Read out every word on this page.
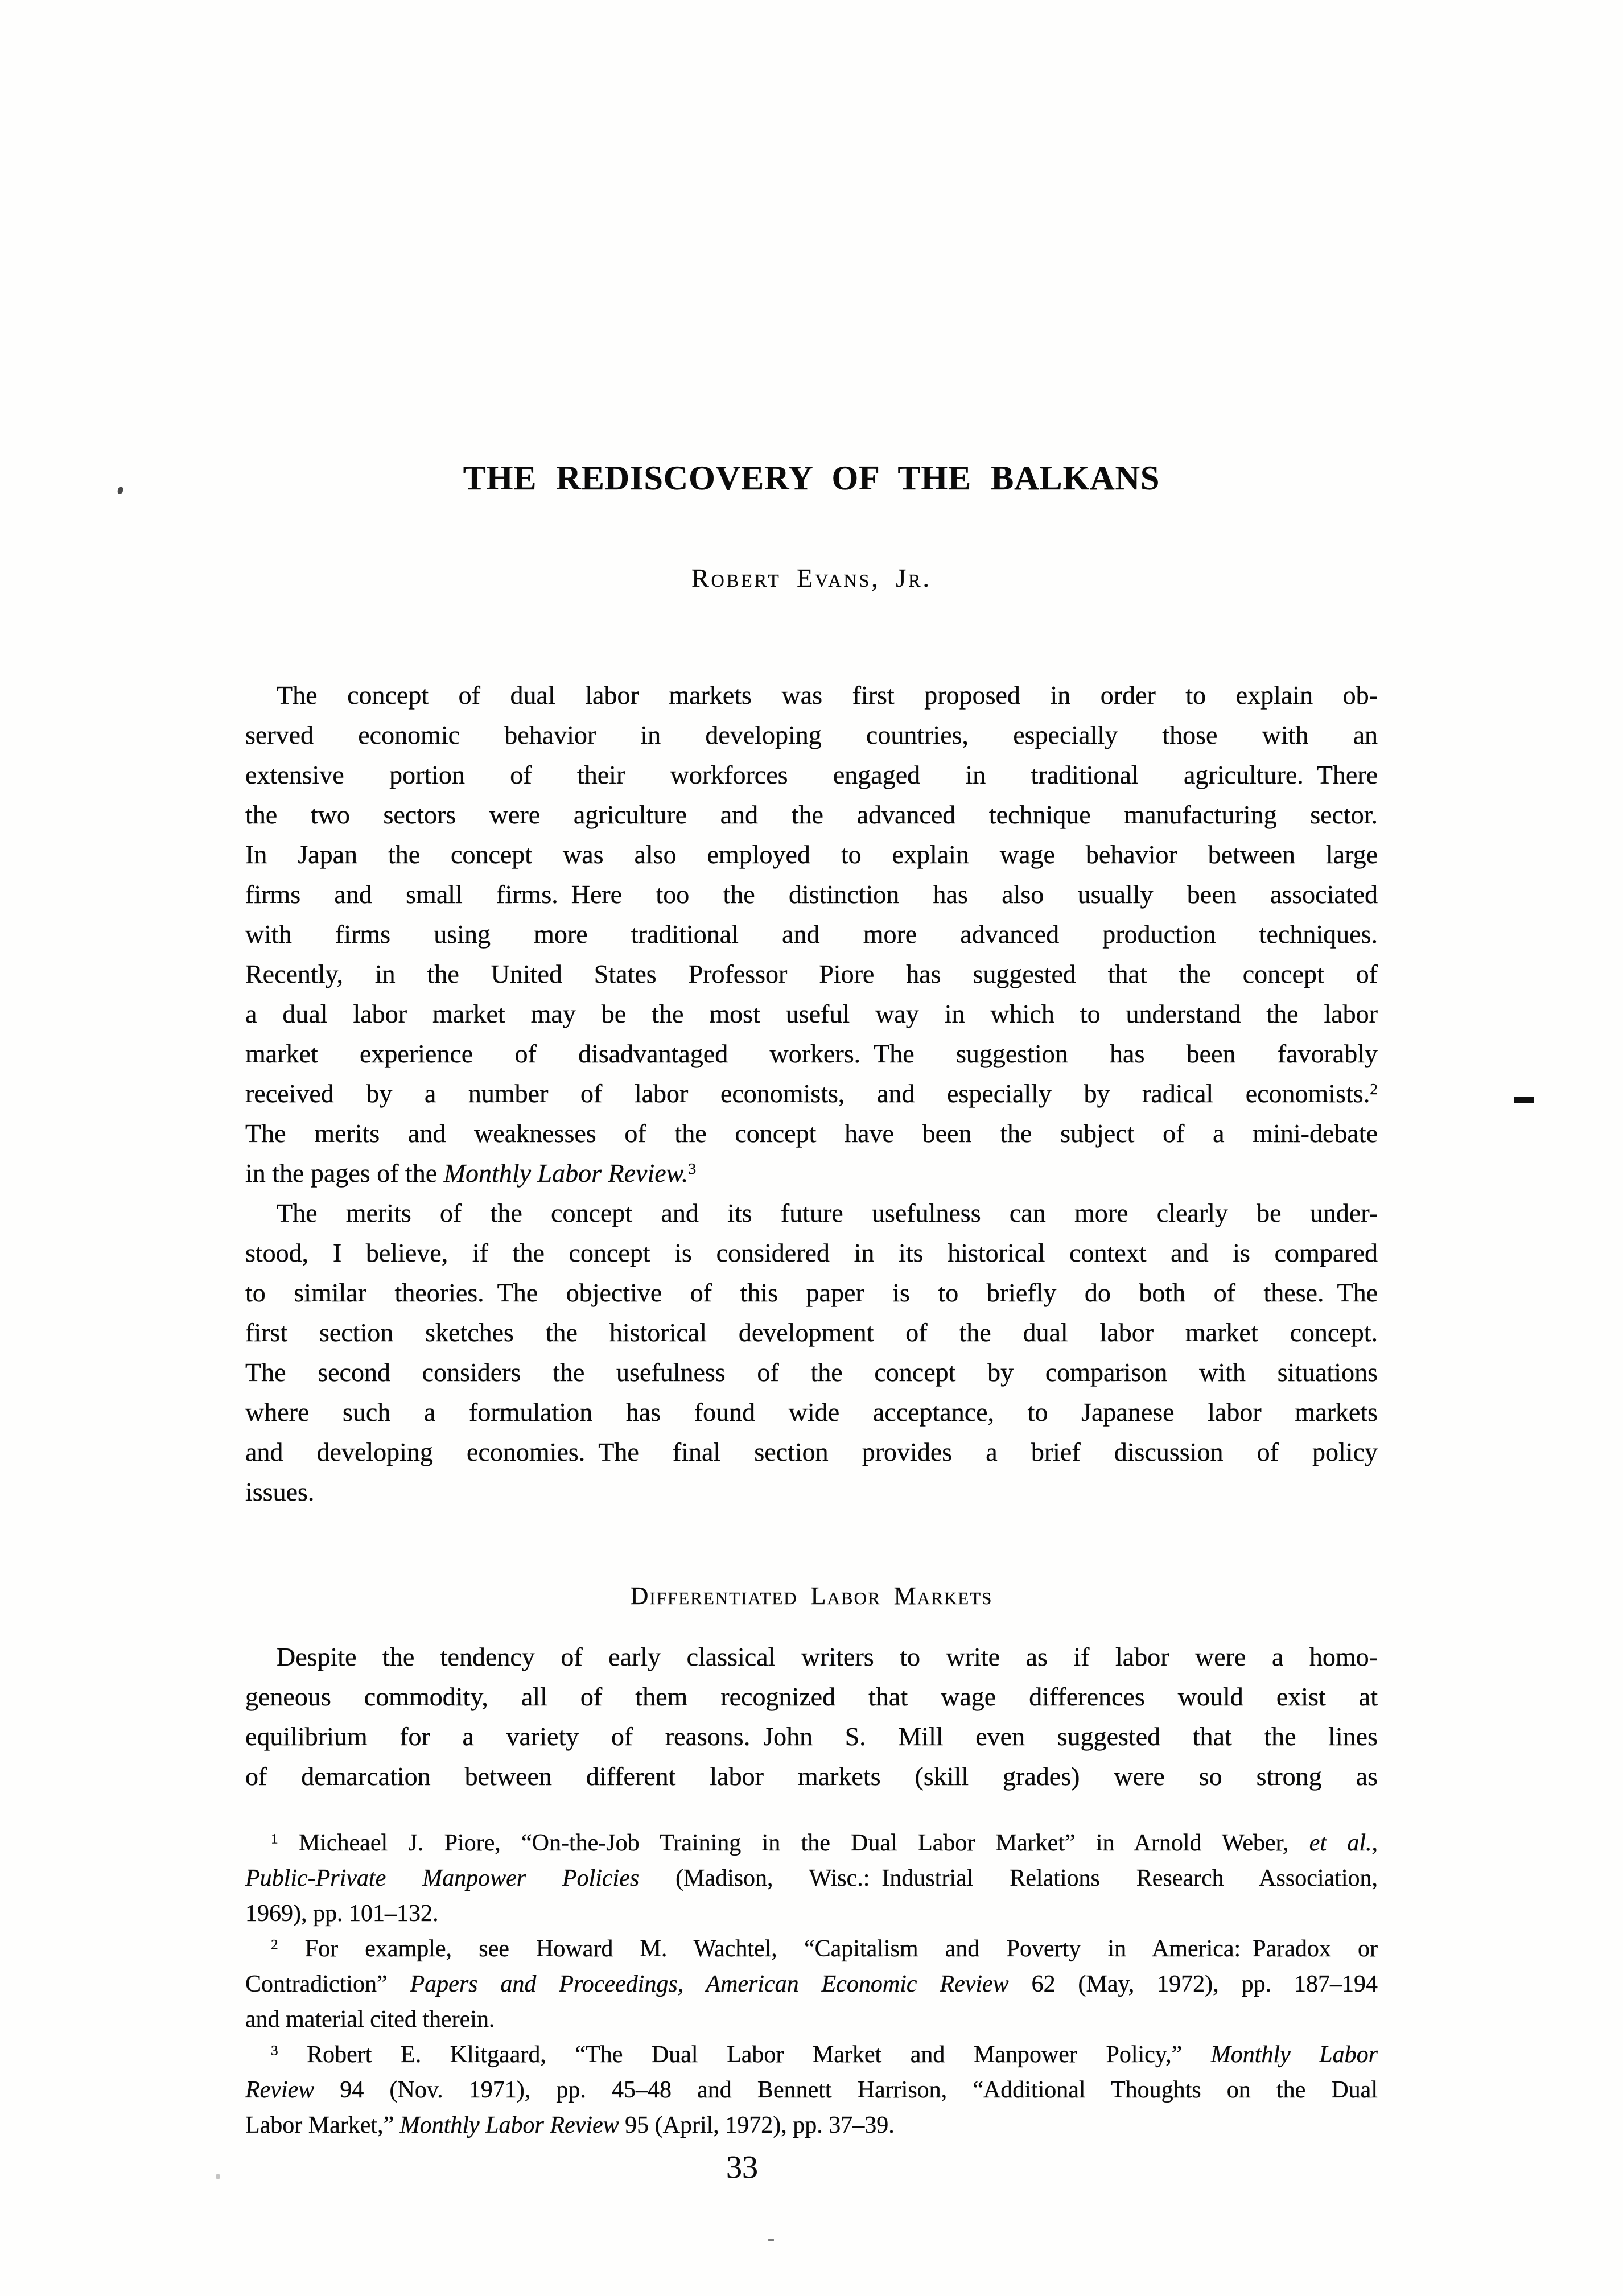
THE REDISCOVERY OF THE BALKANS
Robert Evans, Jr.
The concept of dual labor markets was first proposed in order to explain ob-
served economic behavior in developing countries, especially those with an
extensive portion of their workforces engaged in traditional agriculture. There
the two sectors were agriculture and the advanced technique manufacturing sector.
In Japan the concept was also employed to explain wage behavior between large
firms and small firms. Here too the distinction has also usually been associated
with firms using more traditional and more advanced production techniques.
Recently, in the United States Professor Piore has suggested that the concept of
a dual labor market may be the most useful way in which to understand the labor
market experience of disadvantaged workers. The suggestion has been favorably
received by a number of labor economists, and especially by radical economists.$^2$
The merits and weaknesses of the concept have been the subject of a mini-debate
in the pages of the Monthly Labor Review.$^3$
The merits of the concept and its future usefulness can more clearly be under-
stood, I believe, if the concept is considered in its historical context and is compared
to similar theories. The objective of this paper is to briefly do both of these. The
first section sketches the historical development of the dual labor market concept.
The second considers the usefulness of the concept by comparison with situations
where such a formulation has found wide acceptance, to Japanese labor markets
and developing economies. The final section provides a brief discussion of policy
issues.
Differentiated Labor Markets
Despite the tendency of early classical writers to write as if labor were a homo-
geneous commodity, all of them recognized that wage differences would exist at
equilibrium for a variety of reasons. John S. Mill even suggested that the lines
of demarcation between different labor markets (skill grades) were so strong as
$^1$ Micheael J. Piore, “On-the-Job Training in the Dual Labor Market” in Arnold Weber, et al.,
Public-Private Manpower Policies (Madison, Wisc.: Industrial Relations Research Association,
1969), pp. 101–132.
$^2$ For example, see Howard M. Wachtel, “Capitalism and Poverty in America: Paradox or
Contradiction” Papers and Proceedings, American Economic Review 62 (May, 1972), pp. 187–194
and material cited therein.
$^3$ Robert E. Klitgaard, “The Dual Labor Market and Manpower Policy,” Monthly Labor
Review 94 (Nov. 1971), pp. 45–48 and Bennett Harrison, “Additional Thoughts on the Dual
Labor Market,” Monthly Labor Review 95 (April, 1972), pp. 37–39.
33
